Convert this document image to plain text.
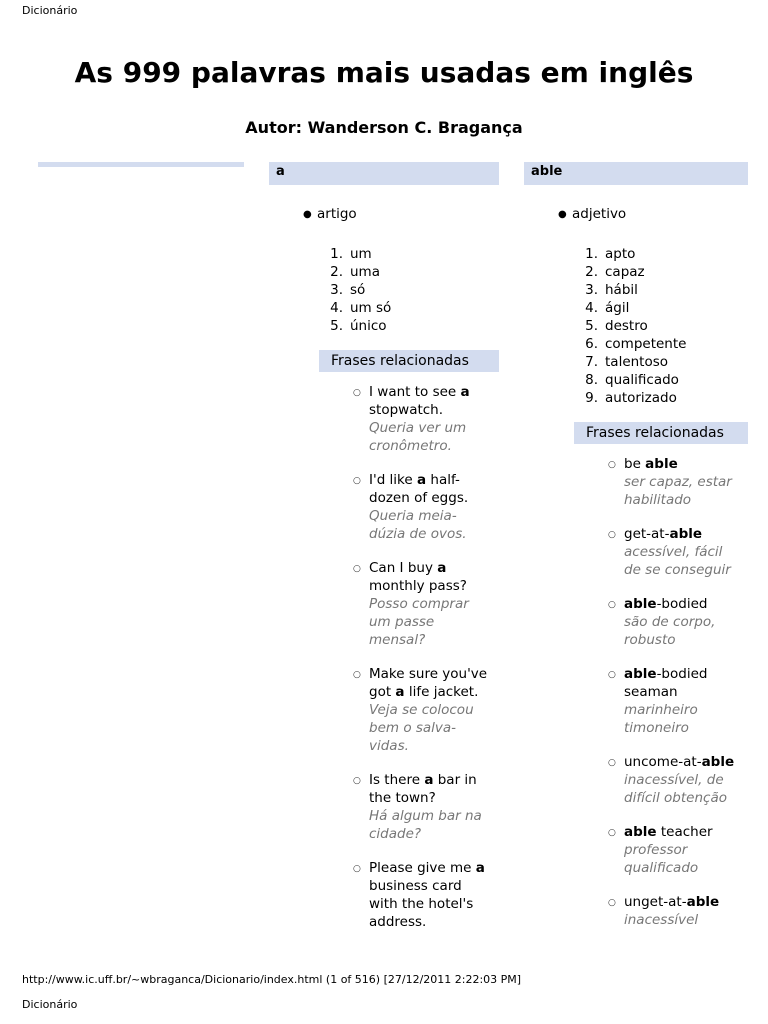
Dicionário
As 999 palavras mais usadas em inglês
Autor: Wanderson C. Bragança
a
● artigo
1. um
2. uma
3. só
4. um só
5. único
Frases relacionadas
○ I want to see a stopwatch.
Queria ver um cronômetro.
○ I'd like a half-dozen of eggs.
Queria meia-dúzia de ovos.
○ Can I buy a monthly pass?
Posso comprar um passe mensal?
○ Make sure you've got a life jacket.
Veja se colocou bem o salva-vidas.
○ Is there a bar in the town?
Há algum bar na cidade?
○ Please give me a business card with the hotel's address.
able
● adjetivo
1. apto
2. capaz
3. hábil
4. ágil
5. destro
6. competente
7. talentoso
8. qualificado
9. autorizado
Frases relacionadas
○ be able
ser capaz, estar habilitado
○ get-at-able
acessível, fácil de se conseguir
○ able-bodied
são de corpo, robusto
○ able-bodied seaman
marinheiro timoneiro
○ uncome-at-able
inacessível, de difícil obtenção
○ able teacher
professor qualificado
○ unget-at-able
inacessível
http://www.ic.uff.br/~wbraganca/Dicionario/index.html (1 of 516) [27/12/2011 2:22:03 PM]
Dicionário
